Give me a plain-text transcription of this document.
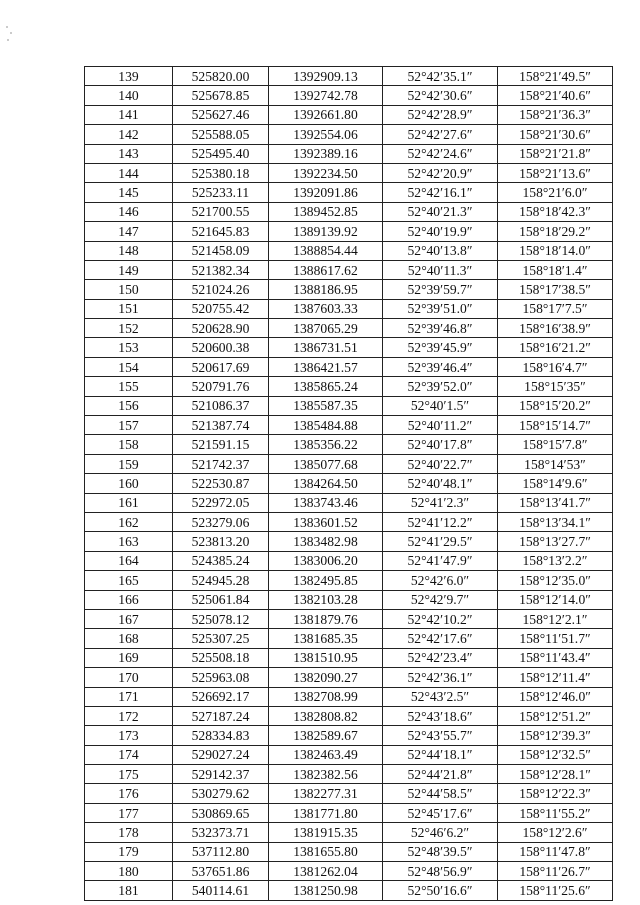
139	525820.00	1392909.13	52°42′35.1″	158°21′49.5″
140	525678.85	1392742.78	52°42′30.6″	158°21′40.6″
141	525627.46	1392661.80	52°42′28.9″	158°21′36.3″
142	525588.05	1392554.06	52°42′27.6″	158°21′30.6″
143	525495.40	1392389.16	52°42′24.6″	158°21′21.8″
144	525380.18	1392234.50	52°42′20.9″	158°21′13.6″
145	525233.11	1392091.86	52°42′16.1″	158°21′6.0″
146	521700.55	1389452.85	52°40′21.3″	158°18′42.3″
147	521645.83	1389139.92	52°40′19.9″	158°18′29.2″
148	521458.09	1388854.44	52°40′13.8″	158°18′14.0″
149	521382.34	1388617.62	52°40′11.3″	158°18′1.4″
150	521024.26	1388186.95	52°39′59.7″	158°17′38.5″
151	520755.42	1387603.33	52°39′51.0″	158°17′7.5″
152	520628.90	1387065.29	52°39′46.8″	158°16′38.9″
153	520600.38	1386731.51	52°39′45.9″	158°16′21.2″
154	520617.69	1386421.57	52°39′46.4″	158°16′4.7″
155	520791.76	1385865.24	52°39′52.0″	158°15′35″
156	521086.37	1385587.35	52°40′1.5″	158°15′20.2″
157	521387.74	1385484.88	52°40′11.2″	158°15′14.7″
158	521591.15	1385356.22	52°40′17.8″	158°15′7.8″
159	521742.37	1385077.68	52°40′22.7″	158°14′53″
160	522530.87	1384264.50	52°40′48.1″	158°14′9.6″
161	522972.05	1383743.46	52°41′2.3″	158°13′41.7″
162	523279.06	1383601.52	52°41′12.2″	158°13′34.1″
163	523813.20	1383482.98	52°41′29.5″	158°13′27.7″
164	524385.24	1383006.20	52°41′47.9″	158°13′2.2″
165	524945.28	1382495.85	52°42′6.0″	158°12′35.0″
166	525061.84	1382103.28	52°42′9.7″	158°12′14.0″
167	525078.12	1381879.76	52°42′10.2″	158°12′2.1″
168	525307.25	1381685.35	52°42′17.6″	158°11′51.7″
169	525508.18	1381510.95	52°42′23.4″	158°11′43.4″
170	525963.08	1382090.27	52°42′36.1″	158°12′11.4″
171	526692.17	1382708.99	52°43′2.5″	158°12′46.0″
172	527187.24	1382808.82	52°43′18.6″	158°12′51.2″
173	528334.83	1382589.67	52°43′55.7″	158°12′39.3″
174	529027.24	1382463.49	52°44′18.1″	158°12′32.5″
175	529142.37	1382382.56	52°44′21.8″	158°12′28.1″
176	530279.62	1382277.31	52°44′58.5″	158°12′22.3″
177	530869.65	1381771.80	52°45′17.6″	158°11′55.2″
178	532373.71	1381915.35	52°46′6.2″	158°12′2.6″
179	537112.80	1381655.80	52°48′39.5″	158°11′47.8″
180	537651.86	1381262.04	52°48′56.9″	158°11′26.7″
181	540114.61	1381250.98	52°50′16.6″	158°11′25.6″
